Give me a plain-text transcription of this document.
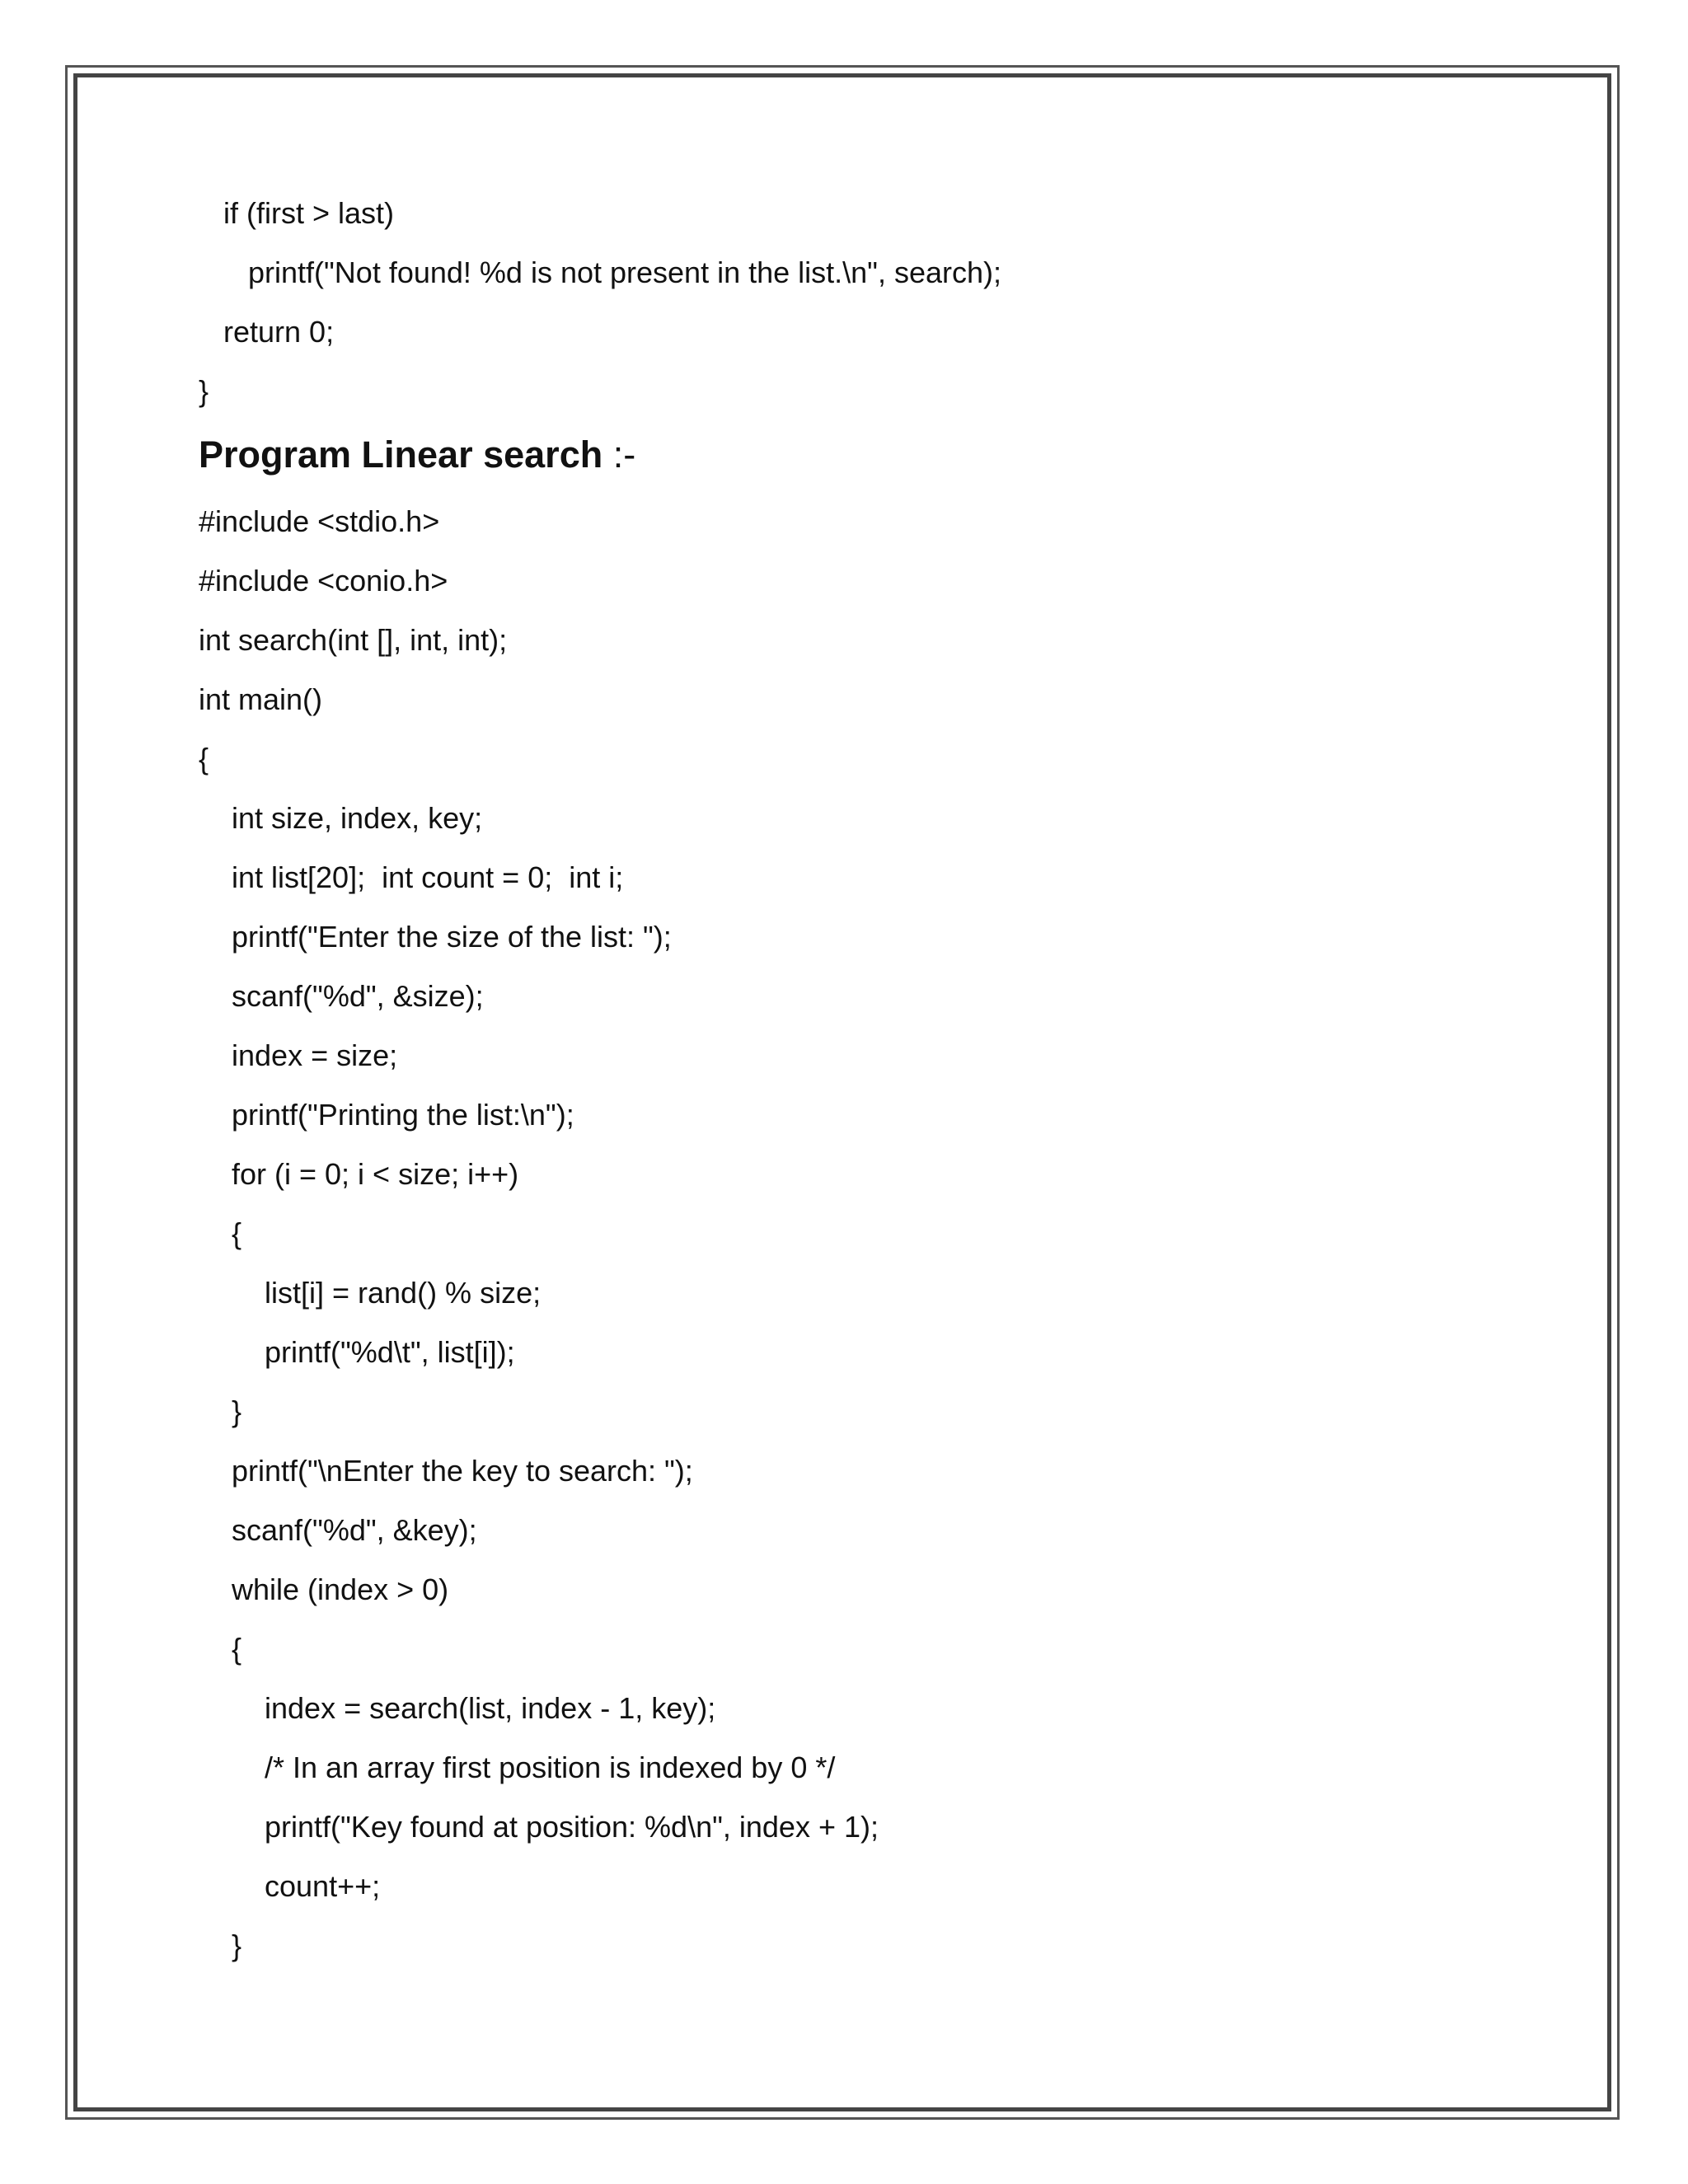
if (first > last)
printf("Not found! %d is not present in the list.\n", search);
return 0;
}
Program Linear search :-
#include <stdio.h>
#include <conio.h>
int search(int [], int, int);
int main()
{
int size, index, key;
int list[20];  int count = 0;  int i;
printf("Enter the size of the list: ");
scanf("%d", &size);
index = size;
printf("Printing the list:\n");
for (i = 0; i < size; i++)
{
list[i] = rand() % size;
printf("%d\t", list[i]);
}
printf("\nEnter the key to search: ");
scanf("%d", &key);
while (index > 0)
{
index = search(list, index - 1, key);
/* In an array first position is indexed by 0 */
printf("Key found at position: %d\n", index + 1);
count++;
}
